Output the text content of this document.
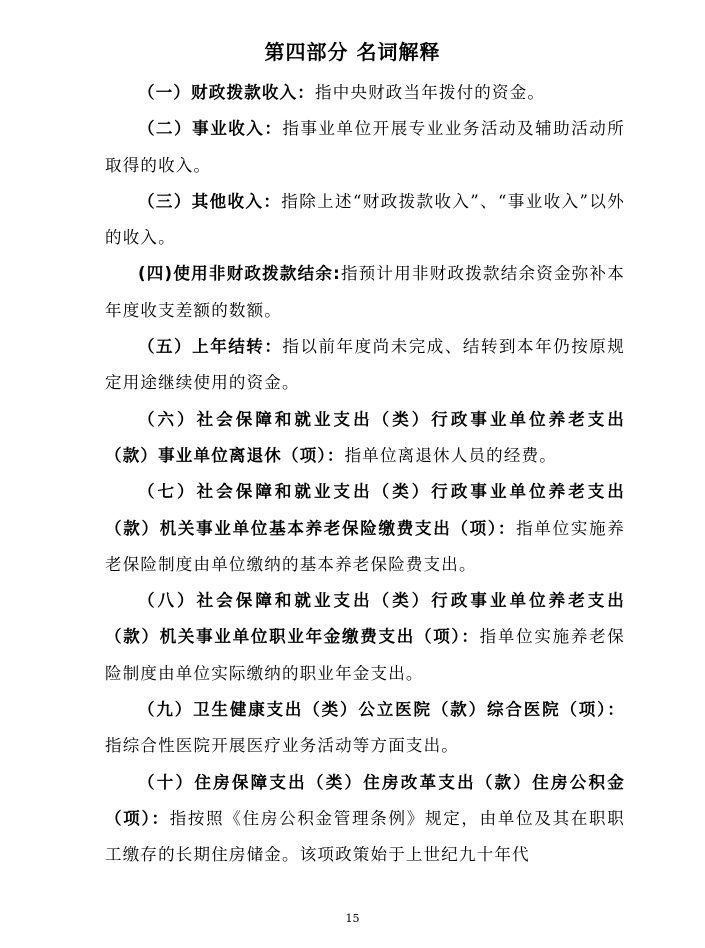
第四部分 名词解释

（一）财政拨款收入：指中央财政当年拨付的资金。

（二）事业收入：指事业单位开展专业业务活动及辅助活动所取得的收入。

（三）其他收入：指除上述“财政拨款收入”、“事业收入”以外的收入。

(四)使用非财政拨款结余:指预计用非财政拨款结余资金弥补本年度收支差额的数额。

（五）上年结转：指以前年度尚未完成、结转到本年仍按原规定用途继续使用的资金。

（六）社会保障和就业支出（类）行政事业单位养老支出（款）事业单位离退休（项）：指单位离退休人员的经费。

（七）社会保障和就业支出（类）行政事业单位养老支出（款）机关事业单位基本养老保险缴费支出（项）：指单位实施养老保险制度由单位缴纳的基本养老保险费支出。

（八）社会保障和就业支出（类）行政事业单位养老支出（款）机关事业单位职业年金缴费支出（项）：指单位实施养老保险制度由单位实际缴纳的职业年金支出。

（九）卫生健康支出（类）公立医院（款）综合医院（项）：指综合性医院开展医疗业务活动等方面支出。

（十）住房保障支出（类）住房改革支出（款）住房公积金（项）：指按照《住房公积金管理条例》规定，由单位及其在职职工缴存的长期住房储金。该项政策始于上世纪九十年代

15
